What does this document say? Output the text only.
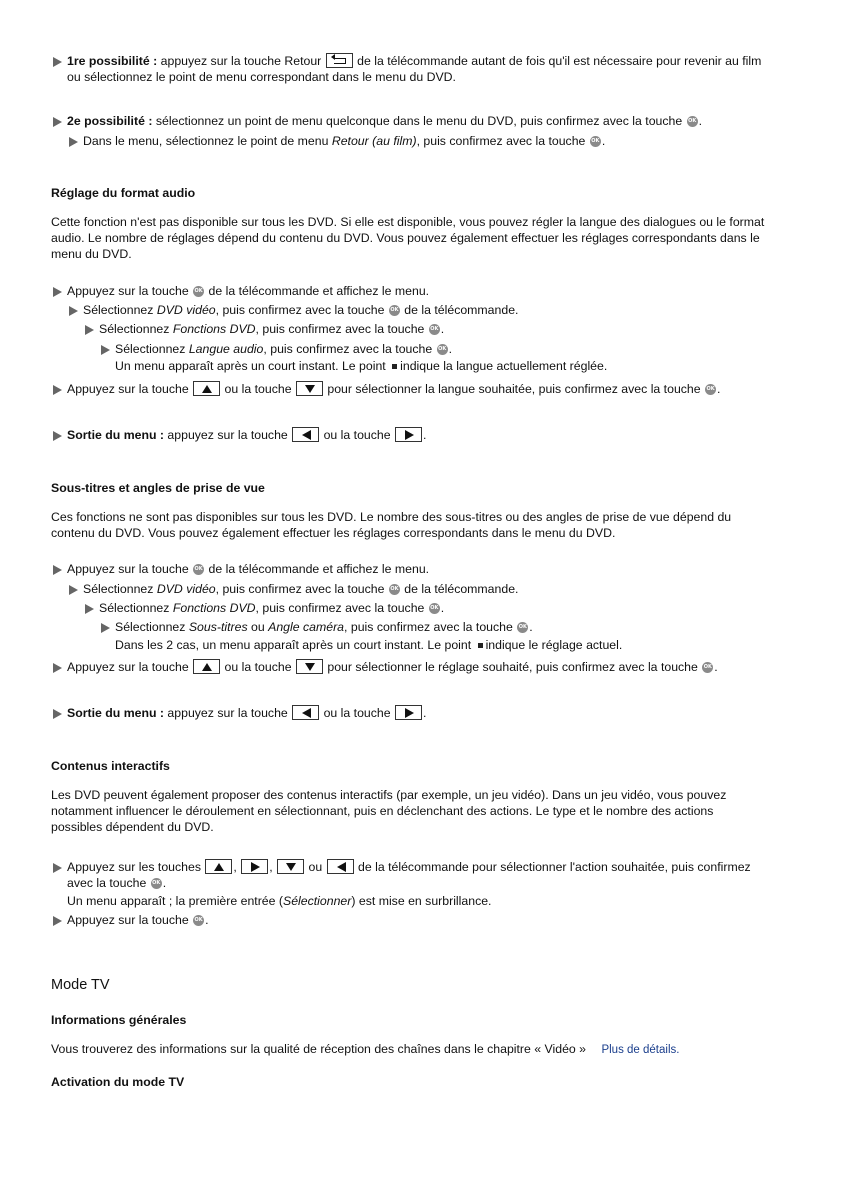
1re possibilité : appuyez sur la touche Retour
de la télécommande autant de fois qu'il est nécessaire pour revenir au film
ou sélectionnez le point de menu correspondant dans le menu du DVD.
2e possibilité : sélectionnez un point de menu quelconque dans le menu du DVD, puis confirmez avec la touche OK .
Dans le menu, sélectionnez le point de menu Retour (au film), puis confirmez avec la touche OK .
Réglage du format audio
Cette fonction n'est pas disponible sur tous les DVD. Si elle est disponible, vous pouvez régler la langue des dialogues ou le format
audio. Le nombre de réglages dépend du contenu du DVD. Vous pouvez également effectuer les réglages correspondants dans le
menu du DVD.
Appuyez sur la touche OK de la télécommande et affichez le menu.
Sélectionnez DVD vidéo, puis confirmez avec la touche OK de la télécommande.
Sélectionnez Fonctions DVD, puis confirmez avec la touche OK .
Sélectionnez Langue audio, puis confirmez avec la touche OK .
Un menu apparaît après un court instant. Le point indique la langue actuellement réglée.
Appuyez sur la touche
ou la touche
pour sélectionner la langue souhaitée, puis confirmez avec la touche OK .
Sortie du menu : appuyez sur la touche
ou la touche
.
Sous-titres et angles de prise de vue
Ces fonctions ne sont pas disponibles sur tous les DVD. Le nombre des sous-titres ou des angles de prise de vue dépend du
contenu du DVD. Vous pouvez également effectuer les réglages correspondants dans le menu du DVD.
Appuyez sur la touche OK de la télécommande et affichez le menu.
Sélectionnez DVD vidéo, puis confirmez avec la touche OK de la télécommande.
Sélectionnez Fonctions DVD, puis confirmez avec la touche OK .
Sélectionnez Sous-titres ou Angle caméra, puis confirmez avec la touche OK .
Dans les 2 cas, un menu apparaît après un court instant. Le point indique le réglage actuel.
Appuyez sur la touche
ou la touche
pour sélectionner le réglage souhaité, puis confirmez avec la touche OK .
Sortie du menu : appuyez sur la touche
ou la touche
.
Contenus interactifs
Les DVD peuvent également proposer des contenus interactifs (par exemple, un jeu vidéo). Dans un jeu vidéo, vous pouvez
notamment influencer le déroulement en sélectionnant, puis en déclenchant des actions. Le type et le nombre des actions
possibles dépendent du DVD.
Appuyez sur les touches
,
,
ou
de la télécommande pour sélectionner l'action souhaitée, puis confirmez
avec la touche OK .
Un menu apparaît ; la première entrée (Sélectionner) est mise en surbrillance.
Appuyez sur la touche OK .
Mode TV
Informations générales
Vous trouverez des informations sur la qualité de réception des chaînes dans le chapitre « Vidéo » Plus de détails.
Activation du mode TV
